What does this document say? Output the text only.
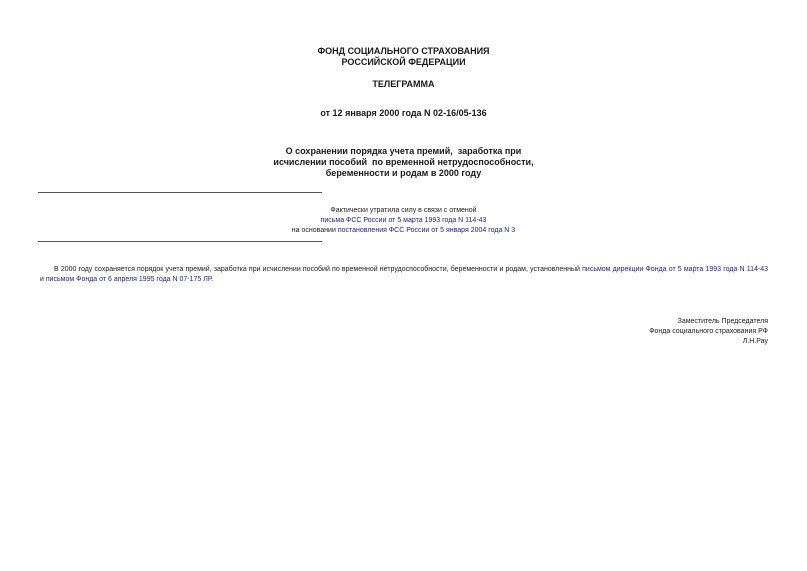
ФОНД СОЦИАЛЬНОГО СТРАХОВАНИЯ
РОССИЙСКОЙ ФЕДЕРАЦИИ
ТЕЛЕГРАММА
от 12 января 2000 года N 02-16/05-136
О сохранении порядка учета премий,  заработка при
исчислении пособий  по временной нетрудоспособности,
беременности и родам в 2000 году
Фактически утратила силу в связи с отменой
письма ФСС России от 5 марта 1993 года N 114-43
на основании постановления ФСС России от 5 января 2004 года N 3
В 2000 году сохраняется порядок учета премий, заработка при исчислении пособий по временной нетрудоспособности, беременности и родам, установленный письмом дирекции Фонда от 5 марта 1993 года N 114-43 и письмом Фонда от 6 апреля 1995 года N 07-175 ЛР.
Заместитель Председателя
Фонда социального страхования РФ
Л.Н.Рау
